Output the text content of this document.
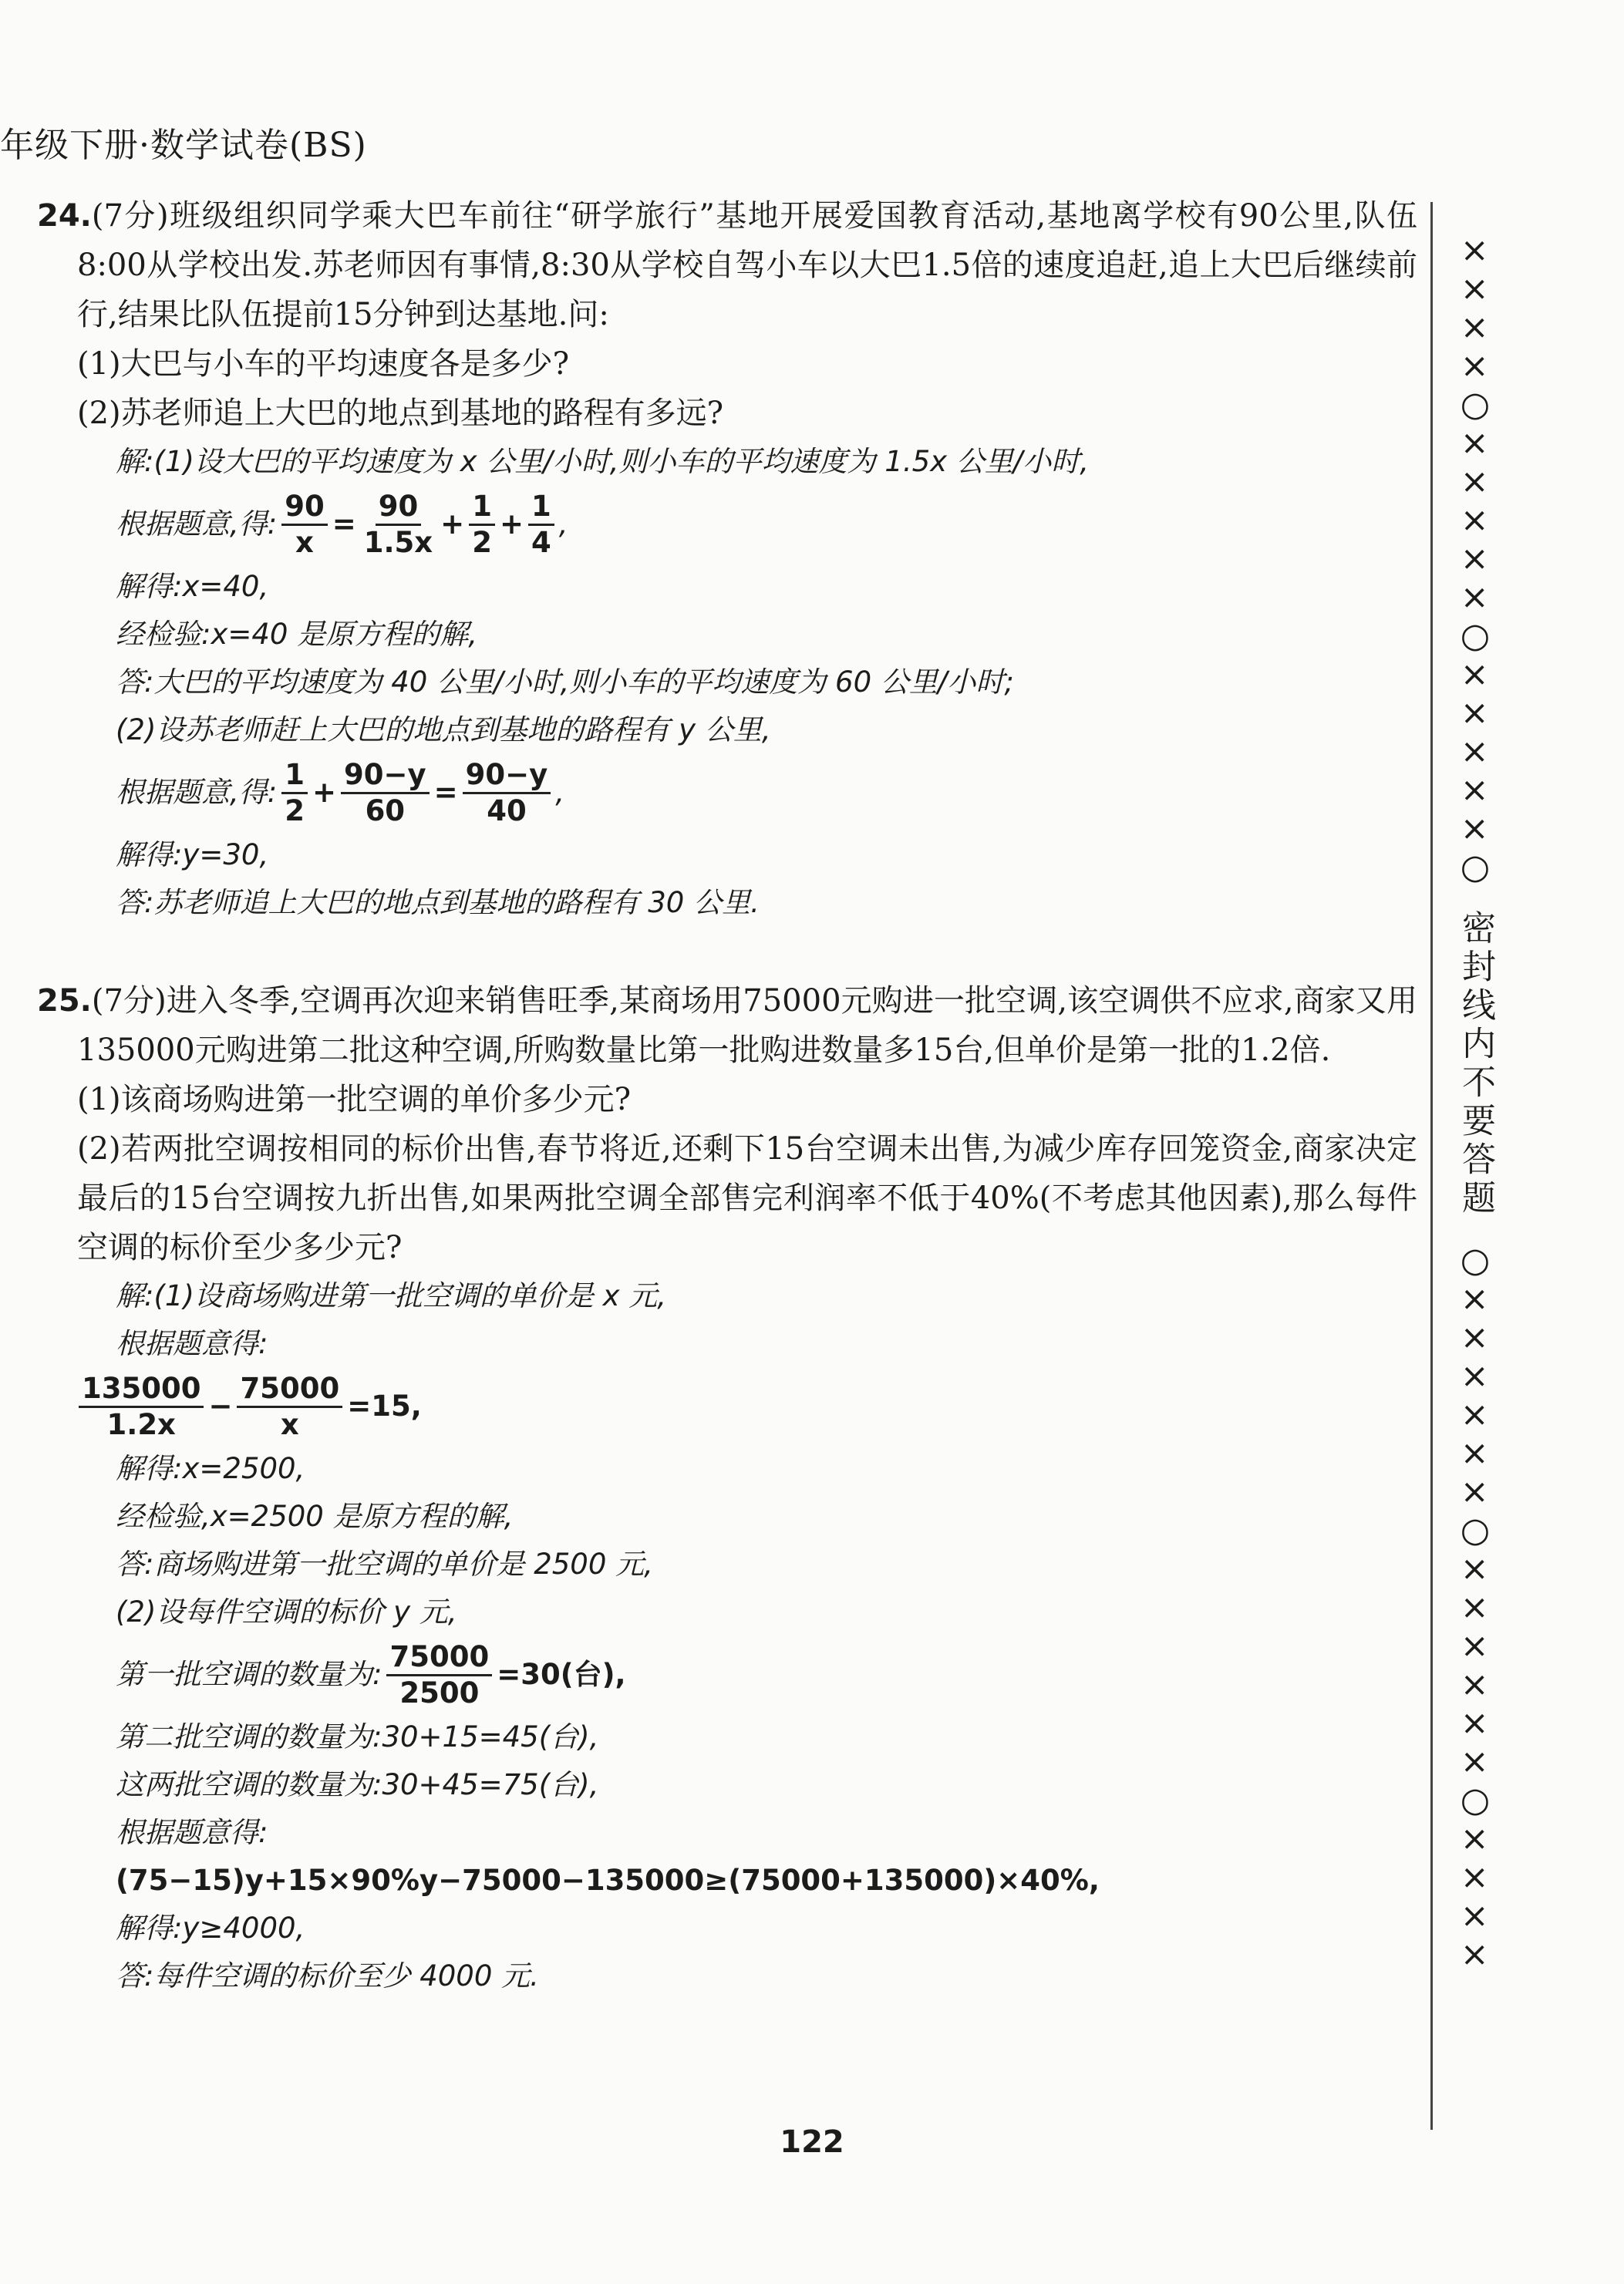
年级下册·数学试卷(BS)

24.(7分)班级组织同学乘大巴车前往“研学旅行”基地开展爱国教育活动,基地离学校有90公里,队伍8:00从学校出发.苏老师因有事情,8:30从学校自驾小车以大巴1.5倍的速度追赶,追上大巴后继续前行,结果比队伍提前15分钟到达基地.问:

(1)大巴与小车的平均速度各是多少?

(2)苏老师追上大巴的地点到基地的路程有多远?

解:(1)设大巴的平均速度为 x 公里/小时,则小车的平均速度为 1.5x 公里/小时,

根据题意,得: $\frac{90}{x} = \frac{90}{1.5x} + \frac{1}{2} + \frac{1}{4}$ ,

解得:x=40,

经检验:x=40 是原方程的解,

答:大巴的平均速度为 40 公里/小时,则小车的平均速度为 60 公里/小时;

(2)设苏老师赶上大巴的地点到基地的路程有 y 公里,

根据题意,得: $\frac{1}{2} + \frac{90-y}{60} = \frac{90-y}{40}$ ,

解得:y=30,

答:苏老师追上大巴的地点到基地的路程有 30 公里.

25.(7分)进入冬季,空调再次迎来销售旺季,某商场用75000元购进一批空调,该空调供不应求,商家又用135000元购进第二批这种空调,所购数量比第一批购进数量多15台,但单价是第一批的1.2倍.

(1)该商场购进第一批空调的单价多少元?

(2)若两批空调按相同的标价出售,春节将近,还剩下15台空调未出售,为减少库存回笼资金,商家决定最后的15台空调按九折出售,如果两批空调全部售完利润率不低于40%(不考虑其他因素),那么每件空调的标价至少多少元?

解:(1)设商场购进第一批空调的单价是 x 元,

根据题意得:

$\frac{135000}{1.2x} - \frac{75000}{x} =15$,

解得:x=2500,

经检验,x=2500 是原方程的解,

答:商场购进第一批空调的单价是 2500 元,

(2)设每件空调的标价 y 元,

第一批空调的数量为: $\frac{75000}{2500} =30$(台),

第二批空调的数量为:30+15=45(台),

这两批空调的数量为:30+45=75(台),

根据题意得:

(75−15)y+15×90%y−75000−135000≥(75000+135000)×40%,

解得:y≥4000,

答:每件空调的标价至少 4000 元.

×
×
×
×
○
×
×
×
×
×
○
×
×
×
×
×
○
密封线内不要答题
○
×
×
×
×
×
×
○
×
×
×
×
×
×
○
×
×
×
×
122
